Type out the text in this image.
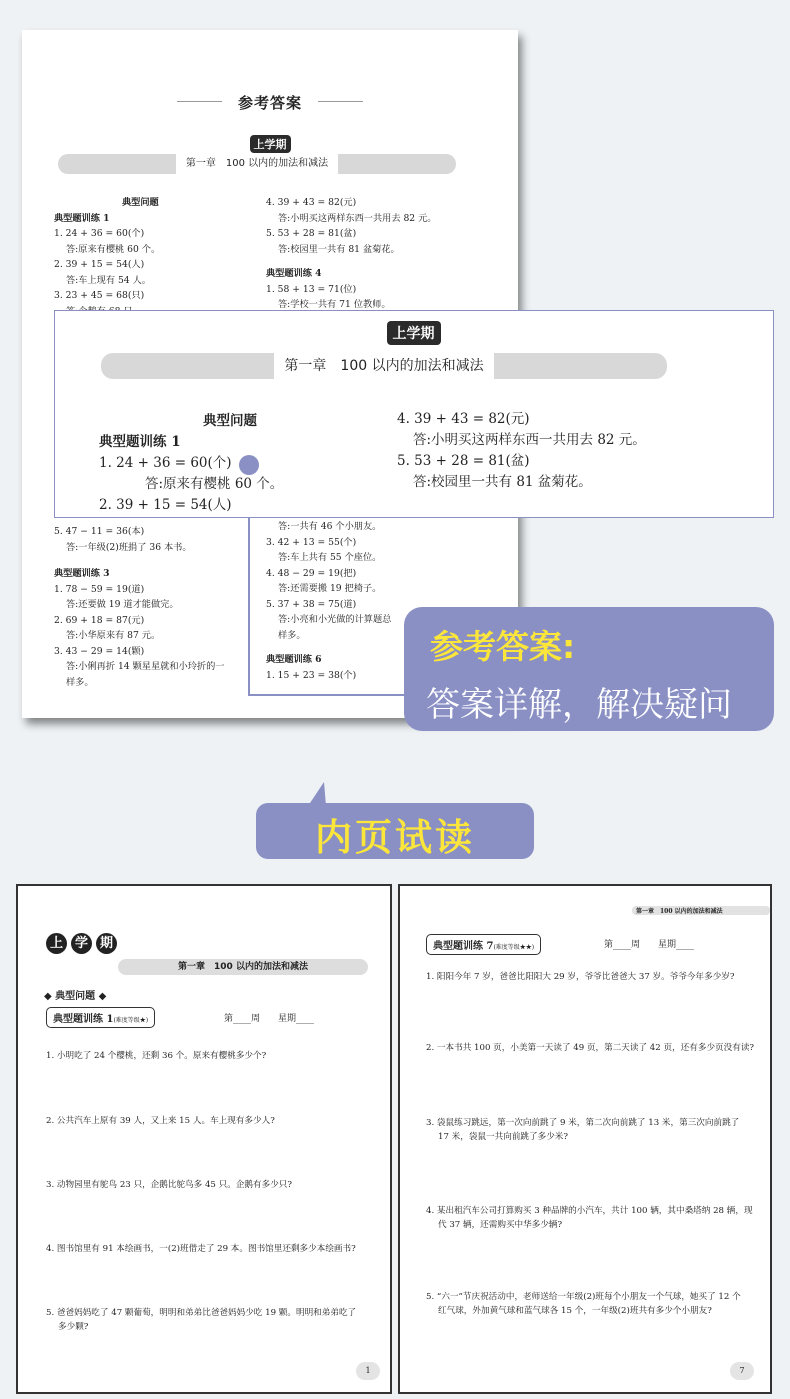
参考答案
上学期
第一章　100 以内的加法和减法
典型问题
典型题训练 1
1. 24 + 36 = 60(个)
答:原来有樱桃 60 个。
2. 39 + 15 = 54(人)
答:车上现有 54 人。
3. 23 + 45 = 68(只)
4. 39 + 43 = 82(元)
答:小明买这两样东西一共用去 82 元。
5. 53 + 28 = 81(盆)
答:校园里一共有 81 盆菊花。
典型题训练 4
1. 58 + 13 = 71(位)
答:学校一共有 71 位教师。
5. 47 − 11 = 36(本)
答:一年级(2)班捐了 36 本书。
典型题训练 3
1. 78 − 59 = 19(道)
答:还要做 19 道才能做完。
2. 69 + 18 = 87(元)
答:小华原来有 87 元。
3. 43 − 29 = 14(颗)
答:小俐再折 14 颗星星就和小玲折的一
样多。
答:一共有 46 个小朋友。
3. 42 + 13 = 55(个)
答:车上共有 55 个座位。
4. 48 − 29 = 19(把)
答:还需要搬 19 把椅子。
5. 37 + 38 = 75(道)
答:小亮和小光做的计算题总
样多。
典型题训练 6
1. 15 + 23 = 38(个)
上学期
第一章　100 以内的加法和减法
典型问题
典型题训练 1
1. 24 + 36 = 60(个)
答:原来有樱桃 60 个。
2. 39 + 15 = 54(人)
4. 39 + 43 = 82(元)
答:小明买这两样东西一共用去 82 元。
5. 53 + 28 = 81(盆)
答:校园里一共有 81 盆菊花。
参考答案:
答案详解，解决疑问
内页试读
上 学 期
第一章　100 以内的加法和减法
◆ 典型问题 ◆
典型题训练 1(难度等级★)	第____周　　星期____
1. 小明吃了 24 个樱桃，还剩 36 个。原来有樱桃多少个?
2. 公共汽车上原有 39 人，又上来 15 人。车上现有多少人?
3. 动物园里有鸵鸟 23 只，企鹅比鸵鸟多 45 只。企鹅有多少只?
4. 图书馆里有 91 本绘画书，一(2)班借走了 29 本。图书馆里还剩多少本绘画书?
5. 爸爸妈妈吃了 47 颗葡萄，明明和弟弟比爸爸妈妈少吃 19 颗。明明和弟弟吃了
多少颗?
1
第一章　100 以内的加法和减法
典型题训练 7(难度等级★★)	第____周　　星期____
1. 阳阳今年 7 岁，爸爸比阳阳大 29 岁，爷爷比爸爸大 37 岁。爷爷今年多少岁?
2. 一本书共 100 页，小美第一天读了 49 页，第二天读了 42 页，还有多少页没有读?
3. 袋鼠练习跳远，第一次向前跳了 9 米，第二次向前跳了 13 米，第三次向前跳了
17 米，袋鼠一共向前跳了多少米?
4. 某出租汽车公司打算购买 3 种品牌的小汽车，共计 100 辆，其中桑塔纳 28 辆，现
代 37 辆，还需购买中华多少辆?
5. “六一”节庆祝活动中，老师送给一年级(2)班每个小朋友一个气球，她买了 12 个
红气球，外加黄气球和蓝气球各 15 个，一年级(2)班共有多少个小朋友?
7
